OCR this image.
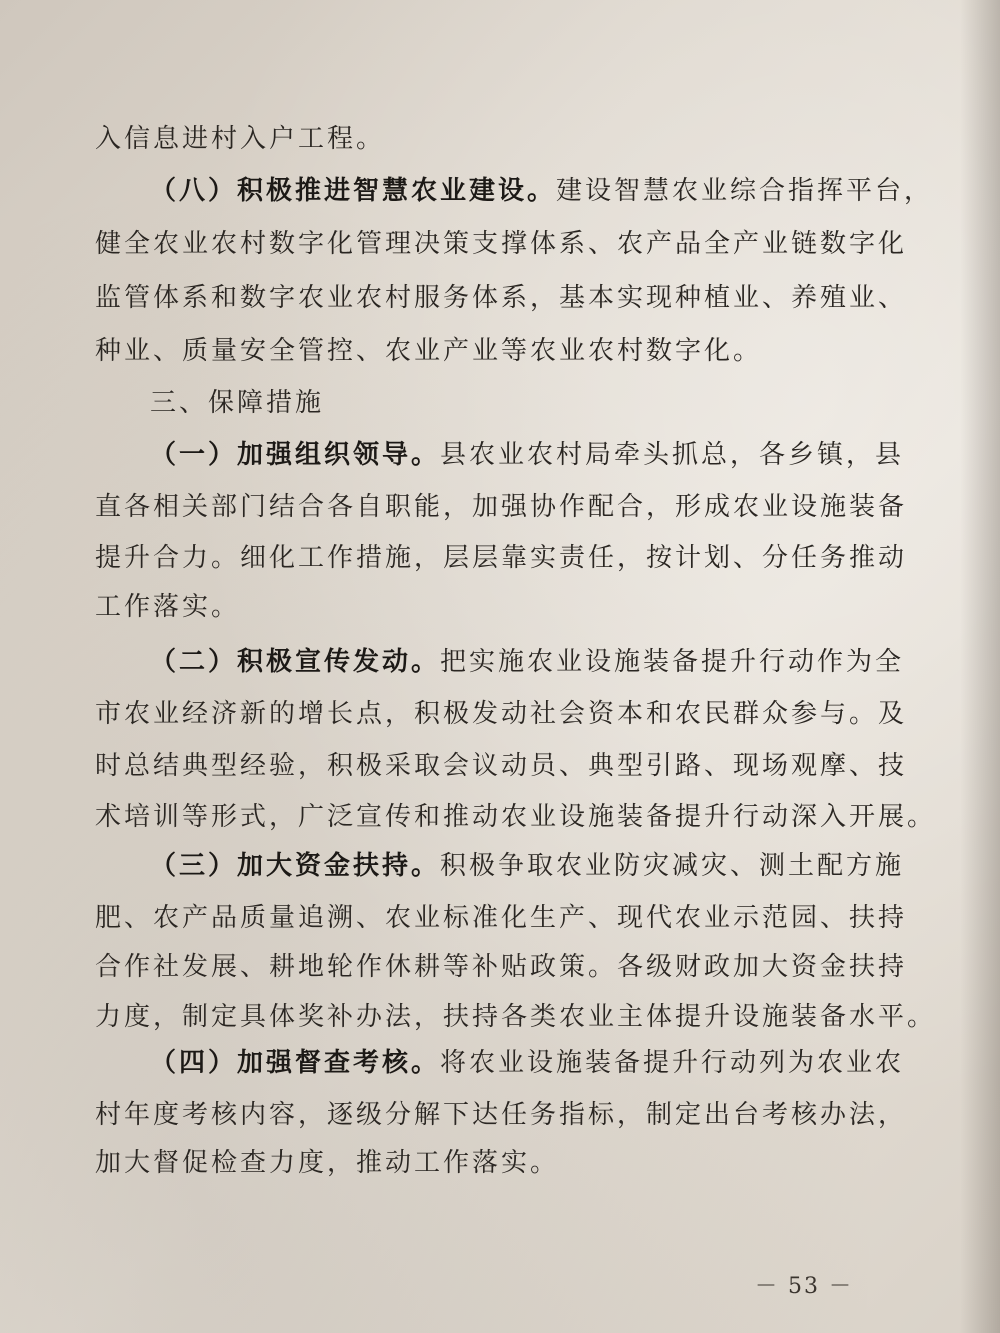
入信息进村入户工程。
（八）积极推进智慧农业建设。建设智慧农业综合指挥平台，
健全农业农村数字化管理决策支撑体系、农产品全产业链数字化
监管体系和数字农业农村服务体系，基本实现种植业、养殖业、
种业、质量安全管控、农业产业等农业农村数字化。
三、保障措施
（一）加强组织领导。县农业农村局牵头抓总，各乡镇，县
直各相关部门结合各自职能，加强协作配合，形成农业设施装备
提升合力。细化工作措施，层层靠实责任，按计划、分任务推动
工作落实。
（二）积极宣传发动。把实施农业设施装备提升行动作为全
市农业经济新的增长点，积极发动社会资本和农民群众参与。及
时总结典型经验，积极采取会议动员、典型引路、现场观摩、技
术培训等形式，广泛宣传和推动农业设施装备提升行动深入开展。
（三）加大资金扶持。积极争取农业防灾减灾、测土配方施
肥、农产品质量追溯、农业标准化生产、现代农业示范园、扶持
合作社发展、耕地轮作休耕等补贴政策。各级财政加大资金扶持
力度，制定具体奖补办法，扶持各类农业主体提升设施装备水平。
（四）加强督查考核。将农业设施装备提升行动列为农业农
村年度考核内容，逐级分解下达任务指标，制定出台考核办法，
加大督促检查力度，推动工作落实。
－ 53 －
